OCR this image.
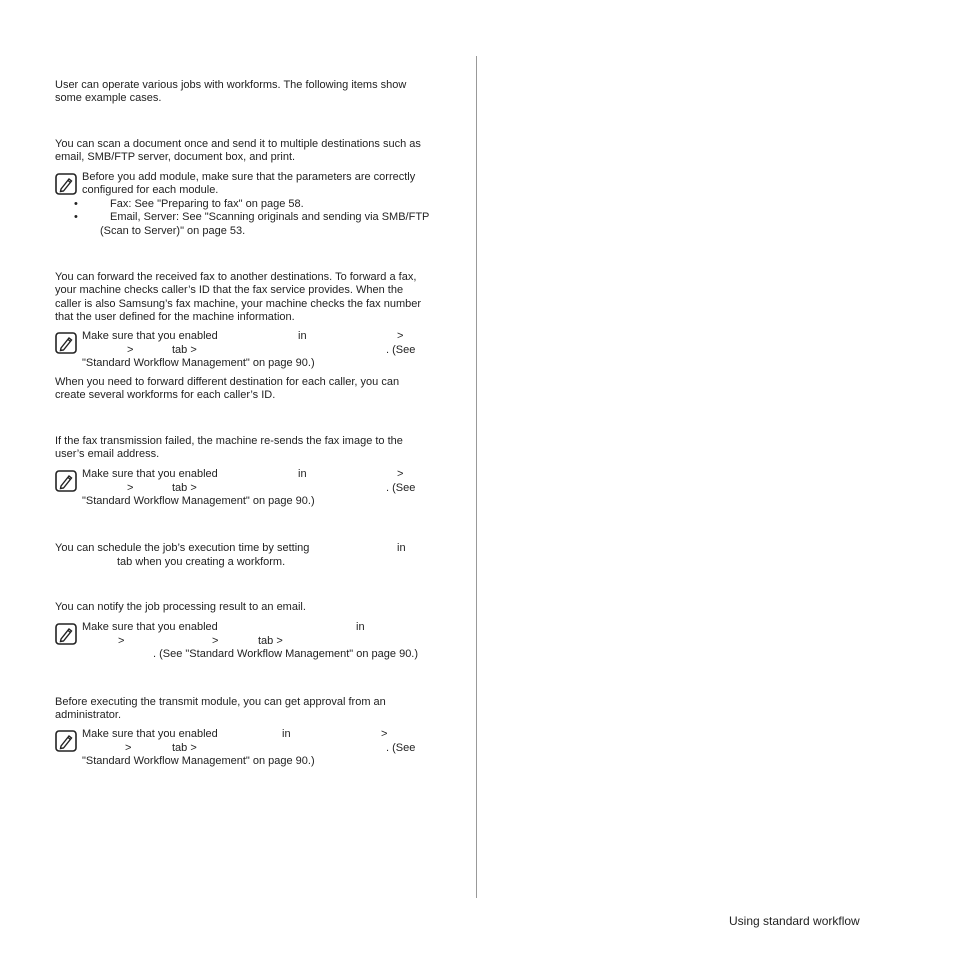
User can operate various jobs with workforms. The following items show
some example cases.
You can scan a document once and send it to multiple destinations such as
email, SMB/FTP server, document box, and print.
Before you add module, make sure that the parameters are correctly
configured for each module.
•	Fax: See "Preparing to fax" on page 58.
•	Email, Server: See "Scanning originals and sending via SMB/FTP
(Scan to Server)" on page 53.
You can forward the received fax to another destinations. To forward a fax,
your machine checks caller’s ID that the fax service provides. When the
caller is also Samsung’s fax machine, your machine checks the fax number
that the user defined for the machine information.
Make sure that you enabled	in	>
>	tab >	. (See
"Standard Workflow Management" on page 90.)
When you need to forward different destination for each caller, you can
create several workforms for each caller’s ID.
If the fax transmission failed, the machine re-sends the fax image to the
user’s email address.
Make sure that you enabled	in	>
>	tab >	. (See
"Standard Workflow Management" on page 90.)
You can schedule the job’s execution time by setting	in
tab when you creating a workform.
You can notify the job processing result to an email.
Make sure that you enabled	in
>	>	tab >
. (See "Standard Workflow Management" on page 90.)
Before executing the transmit module, you can get approval from an
administrator.
Make sure that you enabled	in	>
>	tab >	. (See
"Standard Workflow Management" on page 90.)
Using standard workflow
